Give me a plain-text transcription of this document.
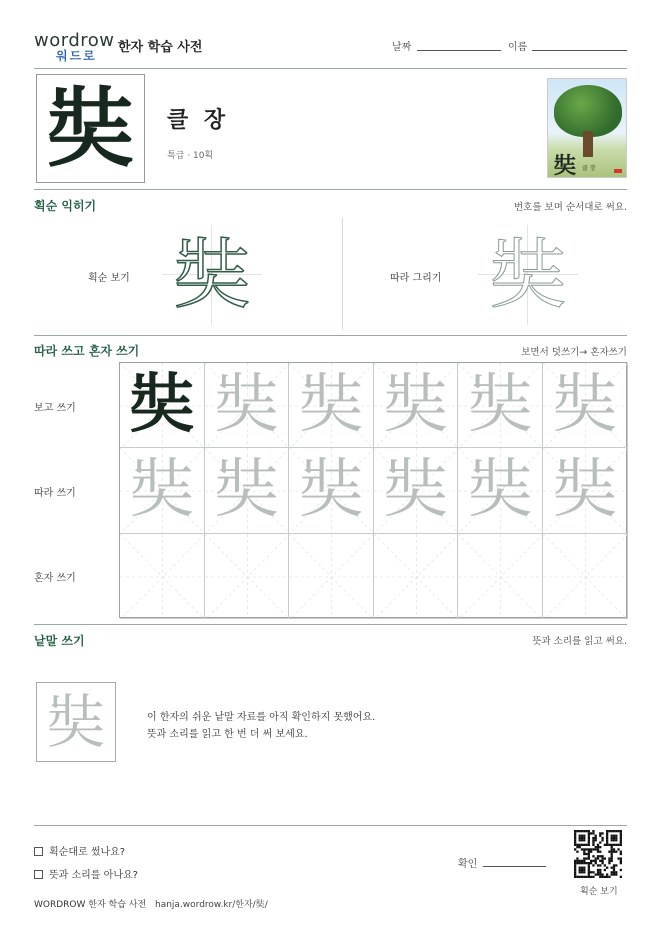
wordrow
워드로
한자 학습 사전	날짜	이름
奘	클 장
특급 · 10획	奘 클 장
획순 익히기	번호를 보며 순서대로 써요.
획순 보기 奘	따라 그리기 奘
따라 쓰고 혼자 쓰기	보면서 덧쓰기→ 혼자쓰기
보고 쓰기
따라 쓰기
혼자 쓰기
奘 奘 奘 奘 奘 奘
奘 奘 奘 奘 奘 奘
낱말 쓰기	뜻과 소리를 읽고 써요.
奘	이 한자의 쉬운 낱말 자료를 아직 확인하지 못했어요.
뜻과 소리를 읽고 한 번 더 써 보세요.
획순대로 썼나요?
뜻과 소리를 아나요?
확인
획순 보기
WORDROW 한자 학습 사전 hanja.wordrow.kr/한자/奘/
